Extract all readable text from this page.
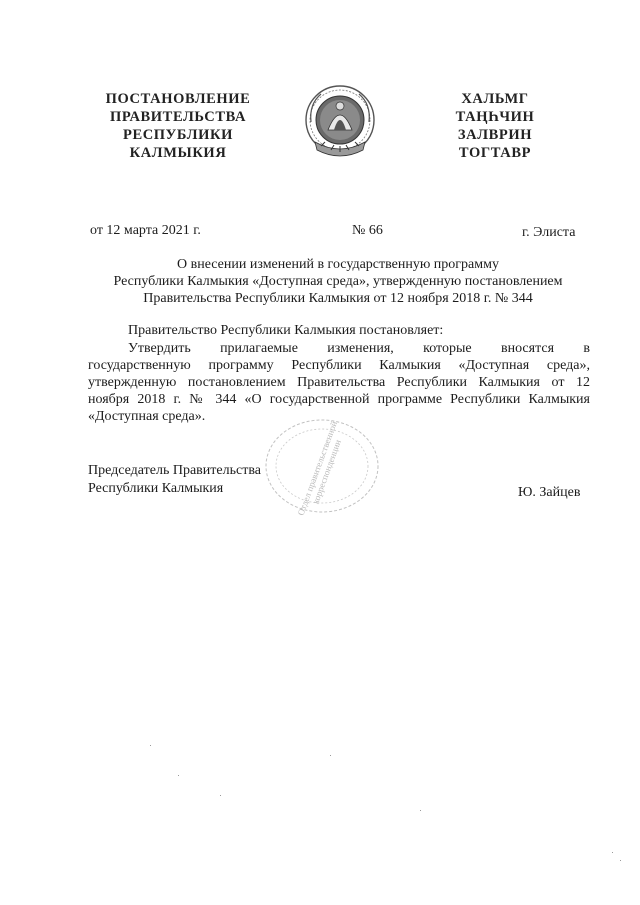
ПОСТАНОВЛЕНИЕ
ПРАВИТЕЛЬСТВА
РЕСПУБЛИКИ
КАЛМЫКИЯ
ХАЛЬМГ
ТАҢҺЧИН
ЗАЛВРИН
ТОГТАВР
от 12 марта 2021 г.	№ 66	г. Элиста
О внесении изменений в государственную программу
Республики Калмыкия «Доступная среда», утвержденную постановлением
Правительства Республики Калмыкия от 12 ноября 2018 г. № 344
Правительство Республики Калмыкия постановляет:
Утвердить прилагаемые изменения, которые вносятся в
государственную программу Республики Калмыкия «Доступная среда»,
утвержденную постановлением Правительства Республики Калмыкия от 12
ноября 2018 г. № 344 «О государственной программе Республики Калмыкия
«Доступная среда».
Отдел правительственной корреспонденции
Председатель Правительства
Республики Калмыкия	Ю. Зайцев
